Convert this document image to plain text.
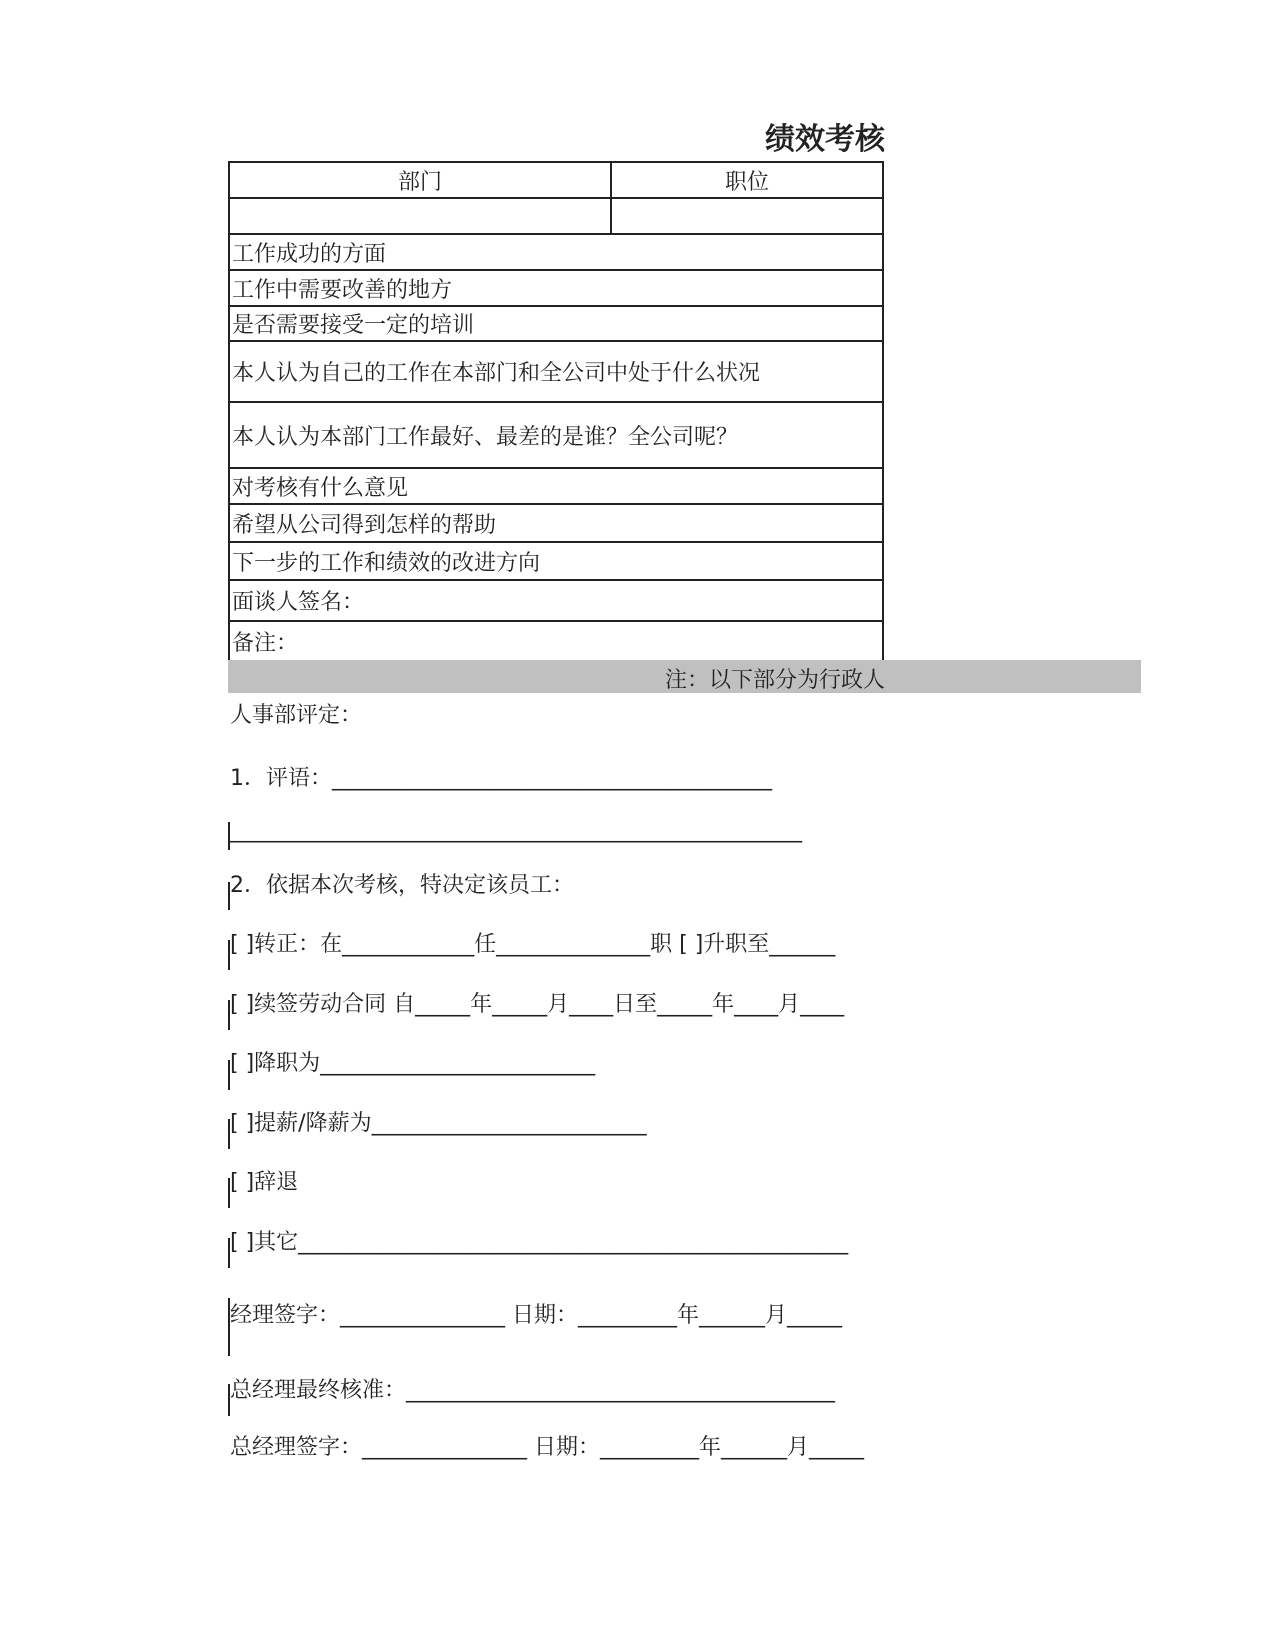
绩效考核
部门	职位

工作成功的方面	
工作中需要改善的地方	
是否需要接受一定的培训	
本人认为自己的工作在本部门和全公司中处于什么状况	
本人认为本部门工作最好、最差的是谁？全公司呢？	
对考核有什么意见	
希望从公司得到怎样的帮助	
下一步的工作和绩效的改进方向	
面谈人签名：	
备注：	
注：以下部分为行政人
人事部评定：
1．评语：________________________________________
____________________________________________________
2．依据本次考核，特决定该员工：
[ ]转正：在____________任______________职 [ ]升职至______
[ ]续签劳动合同 自_____年_____月____日至_____年____月____
[ ]降职为_________________________
[ ]提薪/降薪为_________________________
[ ]辞退
[ ]其它__________________________________________________
经理签字：_______________ 日期：_________年______月_____
总经理最终核准：_______________________________________
总经理签字：_______________ 日期：_________年______月_____
